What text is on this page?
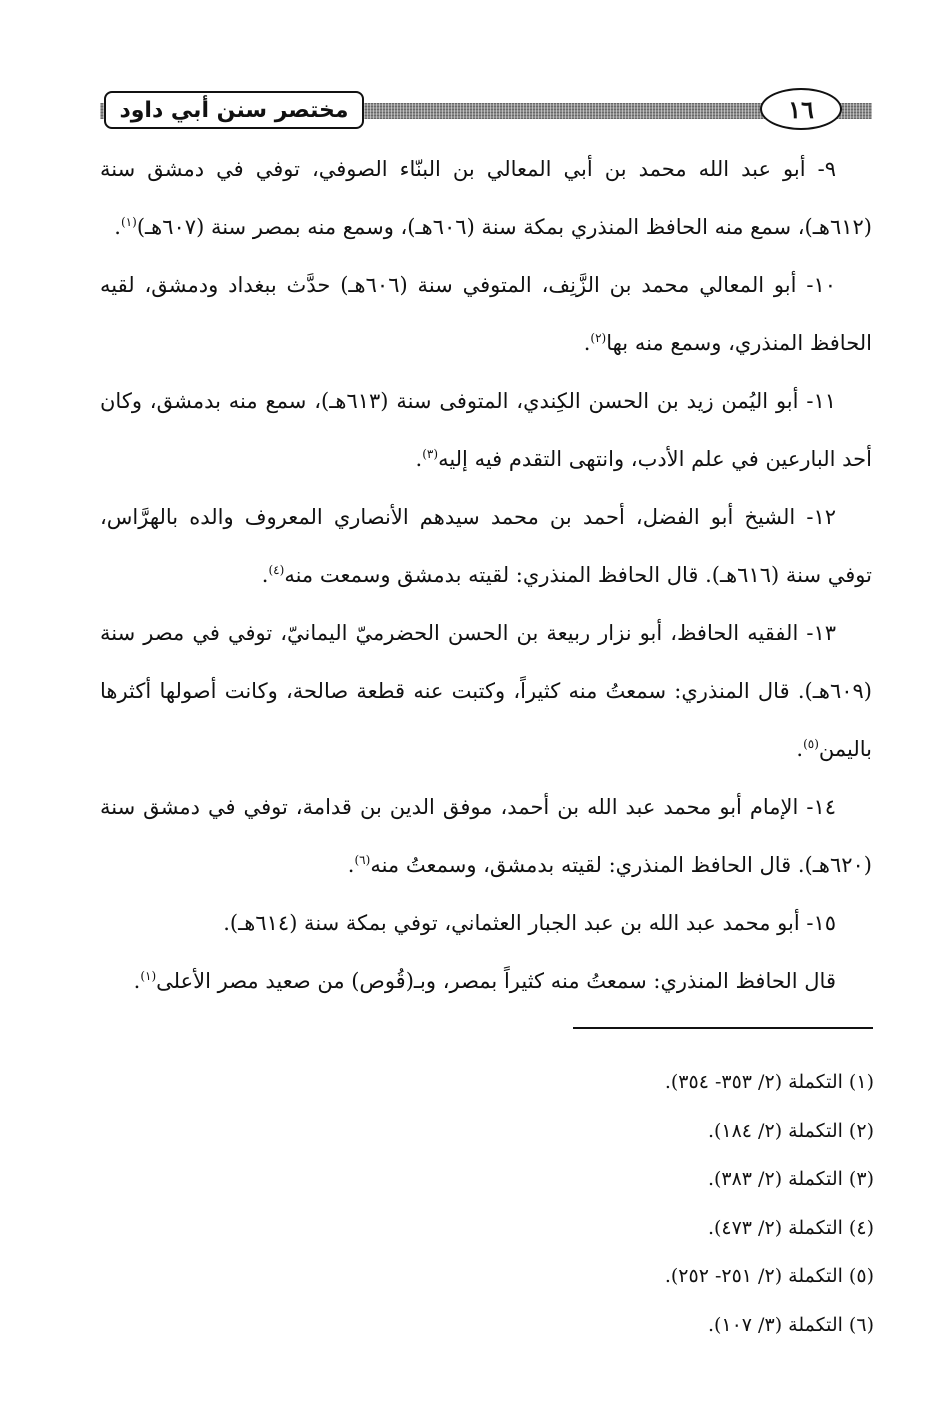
مختصر سنن أبي داود	١٦

٩- أبو عبد الله محمد بن أبي المعالي بن البنّاء الصوفي، توفي في دمشق سنة (٦١٢هـ)، سمع منه الحافظ المنذري بمكة سنة (٦٠٦هـ)، وسمع منه بمصر سنة (٦٠٧هـ)$^{(١)}$.

١٠- أبو المعالي محمد بن الزَّنِف، المتوفي سنة (٦٠٦هـ) حدَّث ببغداد ودمشق، لقيه الحافظ المنذري، وسمع منه بها$^{(٢)}$.

١١- أبو اليُمن زيد بن الحسن الكِندي، المتوفى سنة (٦١٣هـ)، سمع منه بدمشق، وكان أحد البارعين في علم الأدب، وانتهى التقدم فيه إليه$^{(٣)}$.

١٢- الشيخ أبو الفضل، أحمد بن محمد سيدهم الأنصاري المعروف والده بالهرَّاس، توفي سنة (٦١٦هـ). قال الحافظ المنذري: لقيته بدمشق وسمعت منه$^{(٤)}$.

١٣- الفقيه الحافظ، أبو نزار ربيعة بن الحسن الحضرميّ اليمانيّ، توفي في مصر سنة (٦٠٩هـ). قال المنذري: سمعتُ منه كثيراً، وكتبت عنه قطعة صالحة، وكانت أصولها أكثرها باليمن$^{(٥)}$.

١٤- الإمام أبو محمد عبد الله بن أحمد، موفق الدين بن قدامة، توفي في دمشق سنة (٦٢٠هـ). قال الحافظ المنذري: لقيته بدمشق، وسمعتُ منه$^{(٦)}$.

١٥- أبو محمد عبد الله بن عبد الجبار العثماني، توفي بمكة سنة (٦١٤هـ).

قال الحافظ المنذري: سمعتُ منه كثيراً بمصر، وبـ(قُوص) من صعيد مصر الأعلى$^{(١)}$.

(١) التكملة (٢/ ٣٥٣- ٣٥٤).

(٢) التكملة (٢/ ١٨٤).

(٣) التكملة (٢/ ٣٨٣).

(٤) التكملة (٢/ ٤٧٣).

(٥) التكملة (٢/ ٢٥١- ٢٥٢).

(٦) التكملة (٣/ ١٠٧).
